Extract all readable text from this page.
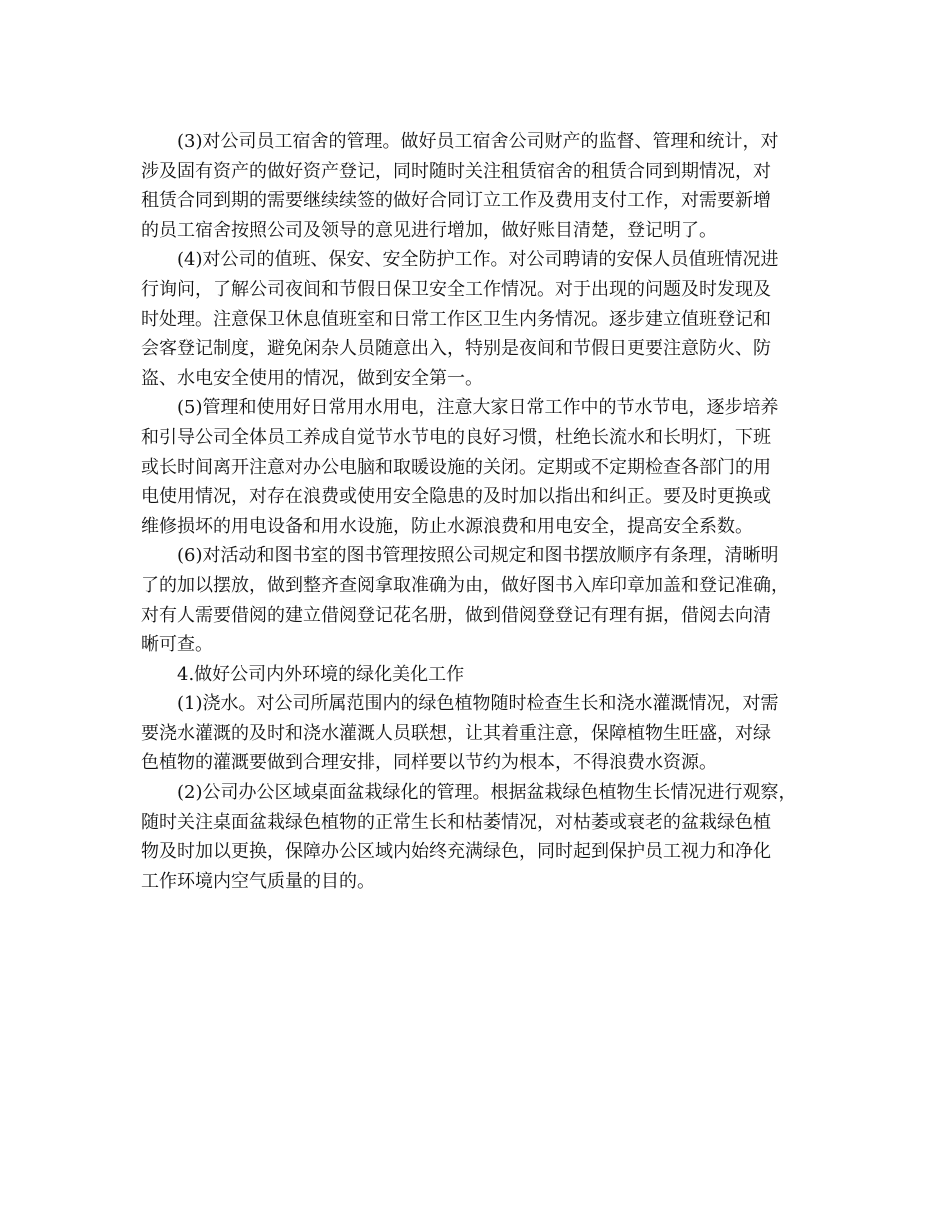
(3)对公司员工宿舍的管理。做好员工宿舍公司财产的监督、管理和统计，对
涉及固有资产的做好资产登记，同时随时关注租赁宿舍的租赁合同到期情况，对
租赁合同到期的需要继续续签的做好合同订立工作及费用支付工作，对需要新增
的员工宿舍按照公司及领导的意见进行增加，做好账目清楚，登记明了。

(4)对公司的值班、保安、安全防护工作。对公司聘请的安保人员值班情况进
行询问，了解公司夜间和节假日保卫安全工作情况。对于出现的问题及时发现及
时处理。注意保卫休息值班室和日常工作区卫生内务情况。逐步建立值班登记和
会客登记制度，避免闲杂人员随意出入，特别是夜间和节假日更要注意防火、防
盗、水电安全使用的情况，做到安全第一。

(5)管理和使用好日常用水用电，注意大家日常工作中的节水节电，逐步培养
和引导公司全体员工养成自觉节水节电的良好习惯，杜绝长流水和长明灯，下班
或长时间离开注意对办公电脑和取暖设施的关闭。定期或不定期检查各部门的用
电使用情况，对存在浪费或使用安全隐患的及时加以指出和纠正。要及时更换或
维修损坏的用电设备和用水设施，防止水源浪费和用电安全，提高安全系数。

(6)对活动和图书室的图书管理按照公司规定和图书摆放顺序有条理，清晰明
了的加以摆放，做到整齐查阅拿取准确为由，做好图书入库印章加盖和登记准确，
对有人需要借阅的建立借阅登记花名册，做到借阅登登记有理有据，借阅去向清
晰可查。

4.做好公司内外环境的绿化美化工作

(1)浇水。对公司所属范围内的绿色植物随时检查生长和浇水灌溉情况，对需
要浇水灌溉的及时和浇水灌溉人员联想，让其着重注意，保障植物生旺盛，对绿
色植物的灌溉要做到合理安排，同样要以节约为根本，不得浪费水资源。

(2)公司办公区域桌面盆栽绿化的管理。根据盆栽绿色植物生长情况进行观察，
随时关注桌面盆栽绿色植物的正常生长和枯萎情况，对枯萎或衰老的盆栽绿色植
物及时加以更换，保障办公区域内始终充满绿色，同时起到保护员工视力和净化
工作环境内空气质量的目的。
